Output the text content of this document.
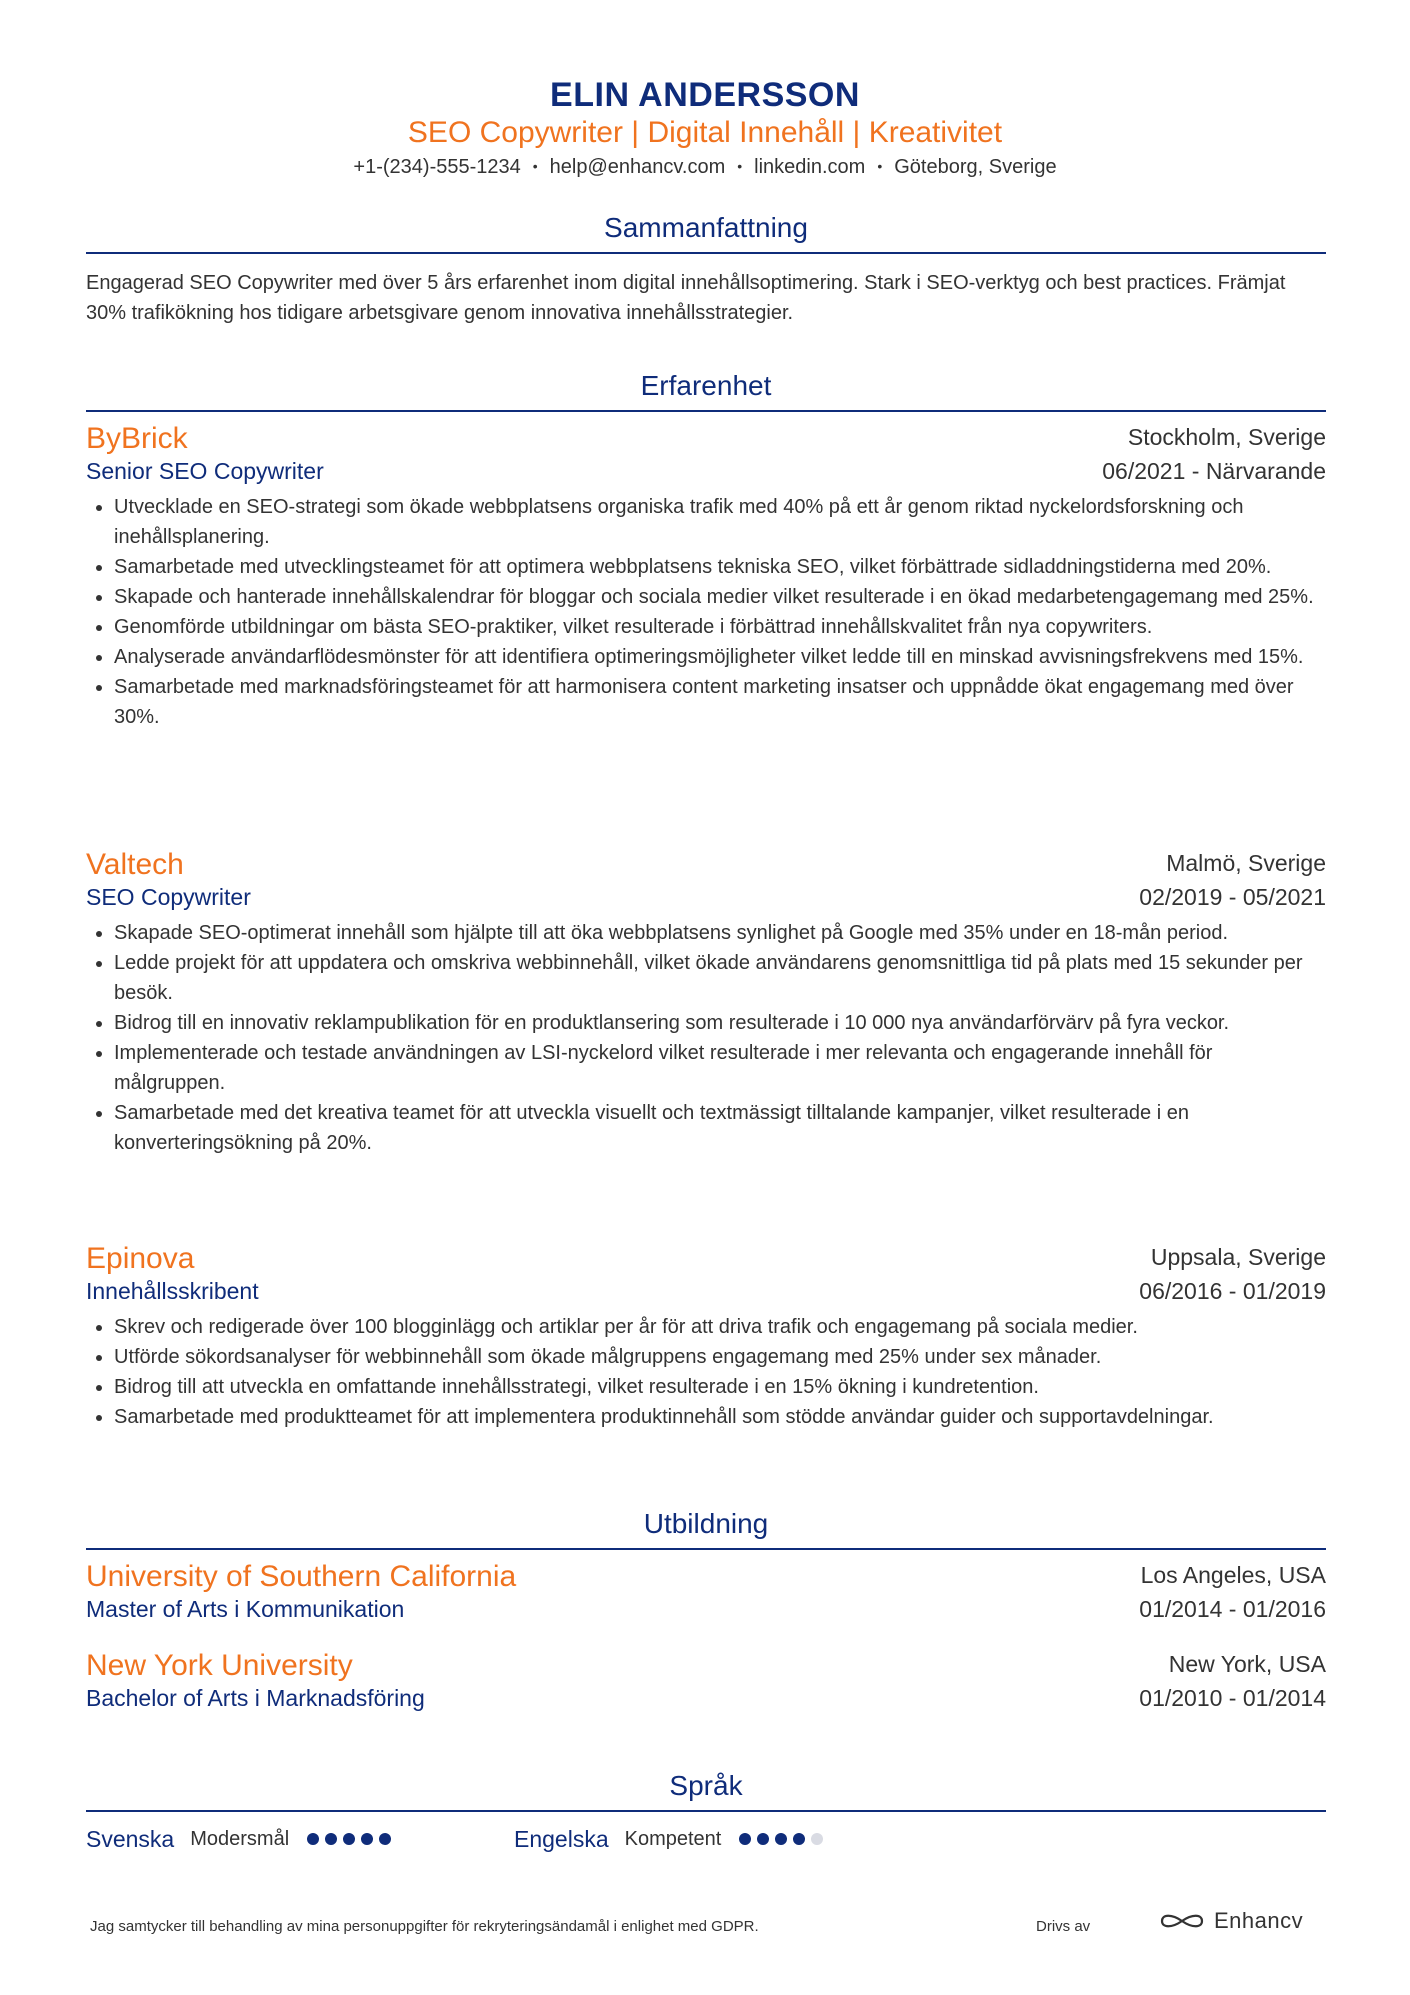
ELIN ANDERSSON
SEO Copywriter | Digital Innehåll | Kreativitet
+1-(234)-555-1234 • help@enhancv.com • linkedin.com • Göteborg, Sverige
Sammanfattning
Engagerad SEO Copywriter med över 5 års erfarenhet inom digital innehållsoptimering. Stark i SEO-verktyg och best practices. Främjat 30% trafikökning hos tidigare arbetsgivare genom innovativa innehållsstrategier.
Erfarenhet
ByBrick	Stockholm, Sverige
Senior SEO Copywriter	06/2021 - Närvarande
Utvecklade en SEO-strategi som ökade webbplatsens organiska trafik med 40% på ett år genom riktad nyckelordsforskning och inehållsplanering.
Samarbetade med utvecklingsteamet för att optimera webbplatsens tekniska SEO, vilket förbättrade sidladdningstiderna med 20%.
Skapade och hanterade innehållskalendrar för bloggar och sociala medier vilket resulterade i en ökad medarbetengagemang med 25%.
Genomförde utbildningar om bästa SEO-praktiker, vilket resulterade i förbättrad innehållskvalitet från nya copywriters.
Analyserade användarflödesmönster för att identifiera optimeringsmöjligheter vilket ledde till en minskad avvisningsfrekvens med 15%.
Samarbetade med marknadsföringsteamet för att harmonisera content marketing insatser och uppnådde ökat engagemang med över 30%.
Valtech	Malmö, Sverige
SEO Copywriter	02/2019 - 05/2021
Skapade SEO-optimerat innehåll som hjälpte till att öka webbplatsens synlighet på Google med 35% under en 18-mån period.
Ledde projekt för att uppdatera och omskriva webbinnehåll, vilket ökade användarens genomsnittliga tid på plats med 15 sekunder per besök.
Bidrog till en innovativ reklampublikation för en produktlansering som resulterade i 10 000 nya användarförvärv på fyra veckor.
Implementerade och testade användningen av LSI-nyckelord vilket resulterade i mer relevanta och engagerande innehåll för målgruppen.
Samarbetade med det kreativa teamet för att utveckla visuellt och textmässigt tilltalande kampanjer, vilket resulterade i en konverteringsökning på 20%.
Epinova	Uppsala, Sverige
Innehållsskribent	06/2016 - 01/2019
Skrev och redigerade över 100 blogginlägg och artiklar per år för att driva trafik och engagemang på sociala medier.
Utförde sökordsanalyser för webbinnehåll som ökade målgruppens engagemang med 25% under sex månader.
Bidrog till att utveckla en omfattande innehållsstrategi, vilket resulterade i en 15% ökning i kundretention.
Samarbetade med produktteamet för att implementera produktinnehåll som stödde användar guider och supportavdelningar.
Utbildning
University of Southern California	Los Angeles, USA
Master of Arts i Kommunikation	01/2014 - 01/2016
New York University	New York, USA
Bachelor of Arts i Marknadsföring	01/2010 - 01/2014
Språk
Svenska Modersmål	Engelska Kompetent
Jag samtycker till behandling av mina personuppgifter för rekryteringsändamål i enlighet med GDPR.	Drivs av	Enhancv
